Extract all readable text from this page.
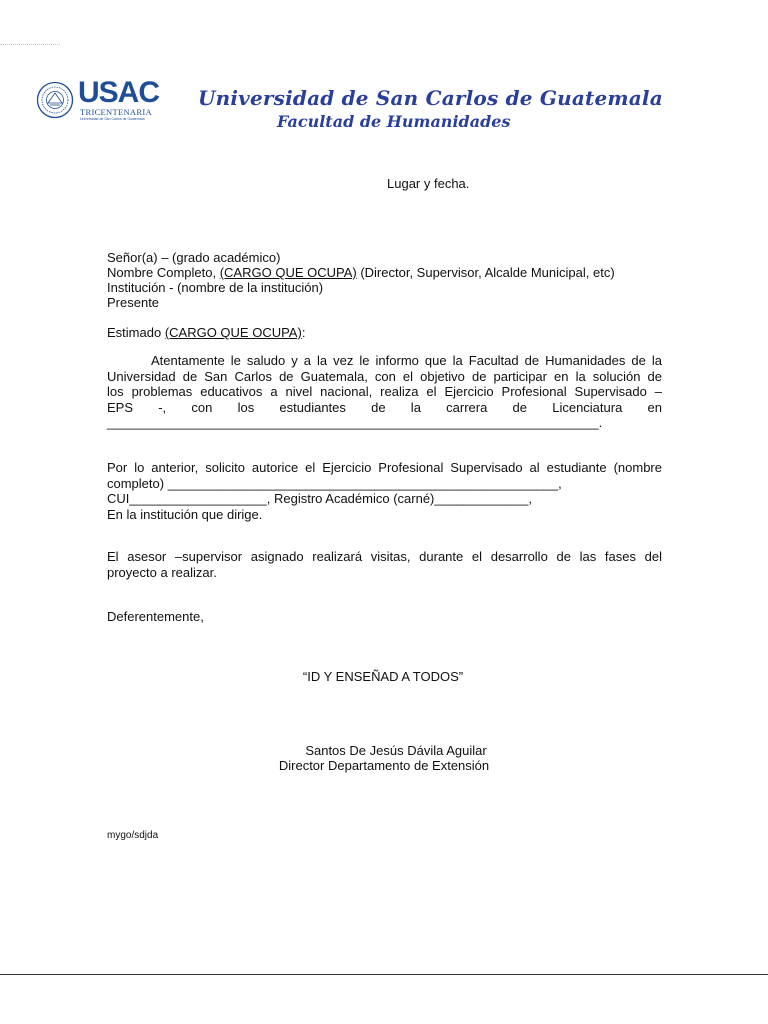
USAC
TRICENTENARIA
Universidad de San Carlos de Guatemala
Universidad de San Carlos de Guatemala
Facultad de Humanidades
Lugar y fecha.
Señor(a) – (grado académico)
Nombre Completo, (CARGO QUE OCUPA) (Director, Supervisor, Alcalde Municipal, etc)
Institución - (nombre de la institución)
Presente
Estimado (CARGO QUE OCUPA):
Atentamente le saludo y a la vez le informo que la Facultad de Humanidades de la
Universidad de San Carlos de Guatemala, con el objetivo de participar en la solución de
los problemas educativos a nivel nacional, realiza el Ejercicio Profesional Supervisado –
EPS -, con los estudiantes de la carrera de Licenciatura en
____________________________________________________________________.
Por lo anterior, solicito autorice el Ejercicio Profesional Supervisado al estudiante (nombre
completo) ______________________________________________________,
CUI___________________, Registro Académico (carné)_____________,
En la institución que dirige.
El asesor –supervisor asignado realizará visitas, durante el desarrollo de las fases del
proyecto a realizar.
Deferentemente,
“ID Y ENSEÑAD A TODOS”
Santos De Jesús Dávila Aguilar
Director Departamento de Extensión
mygo/sdjda
